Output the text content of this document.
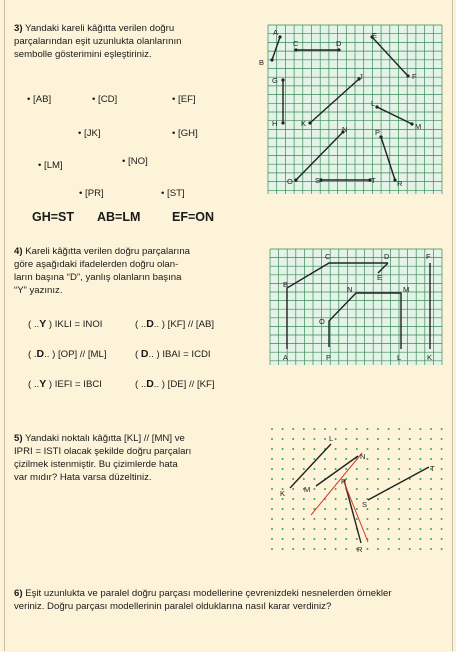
3) Yandaki kareli kâğıtta verilen doğru
parçalarından eşit uzunlukta olanlarının
sembolle gösterimini eşleştiriniz.
• [AB]	• [CD]	• [EF]
• [JK]	• [GH]
• [NO]
• [LM]
• [PR]	• [ST]
GH=ST AB=LM	EF=ON
A
B
C	D
E
F
G
H
J
K
L
M
N
O
P
R
S	T
4) Kareli kâğıtta verilen doğru parçalarına
göre aşağıdaki ifadelerden doğru olan-
ların başına “D”, yanlış olanların başına
“Y” yazınız.
( ..Y ) IKLI = INOI	( ..D.. ) [KF] // [AB]
( .D.. ) [OP] // [ML]	( D.. ) IBAI = ICDI
( ..Y ) IEFI = IBCI	( ..D.. ) [DE] // [KF]
A
B
C	D
E
F
K
L
M
N
O
P
5) Yandaki noktalı kâğıtta [KL] // [MN] ve
IPRI = ISTI olacak şekilde doğru parçaları
çizilmek istenmiştir. Bu çizimlerde hata
var mıdır? Hata varsa düzeltiniz.
K
L
M
N
P
R
S
T
6) Eşit uzunlukta ve paralel doğru parçası modellerine çevrenizdeki nesnelerden örnekler
veriniz. Doğru parçası modellerinin paralel olduklarına nasıl karar verdiniz?
